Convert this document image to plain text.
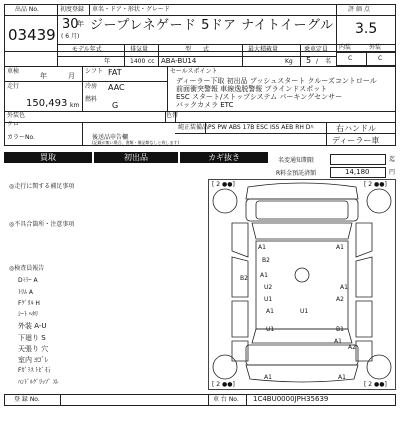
出品 No.
03439
初度登録 車名・ドア・形状・グレード
30
年
( 6 月)
ジープレネゲード 5ドア ナイトイーグル
評 価 点
3.5
内装	外装
C	C
モデル年式	排気量	型　　式	最大積載量	乗車定員
年	1400 cc ABA-BU14	Kg 5 / 名
車検
年	月
走行
150,493 km
シフト FAT
冷房 AAC
燃料
G
セールスポイント
ディーラー下取 初出品 プッシュスタート クルーズコントロール
前面衝突警報 車線逸脱警報 ブラインドスポット
ESC スタート/ストップシステム パーキングセンサー
バックカメラ ETC
外装色
クロ
色替
カラーNo.
純正装備品 PS PW ABS 17B ESC ISS AEB RH Dﾊ	右ハンドル
後送品申告欄
(記載が無い場合、書類・備品類なしと致します)	ディーラー車
買取	初出品	カギ抜き	名変通知期限	迄
R料金預託済額	14,180	円
◎走行に関する補足事項
◎不具合箇所・注意事項
◎検査員報告
Dﾐﾗｰ A
ﾄﾘﾑ A
Fｸﾞﾘﾙ H
ｼｰﾄ ﾍﾀﾘ
外装 A-U
下廻り S
天張り 穴
室内 ﾖｺﾞﾚ
Fｶﾞﾗｽ ﾄﾋﾞ石
ﾊﾝﾄﾞﾙｸﾞﾘｯﾌﾟ ｽﾚ
[ 2 ●●]	[ 2 ●●]
[ 2 ●●]	[ 2 ●●]
A1	A1
B2
A1
B2
U2	A1
U1	A2
A1	U1
U1	B1
A1
A2
A1	A1
登 録 No.	車 台 No. 1C4BU0000JPH35639
